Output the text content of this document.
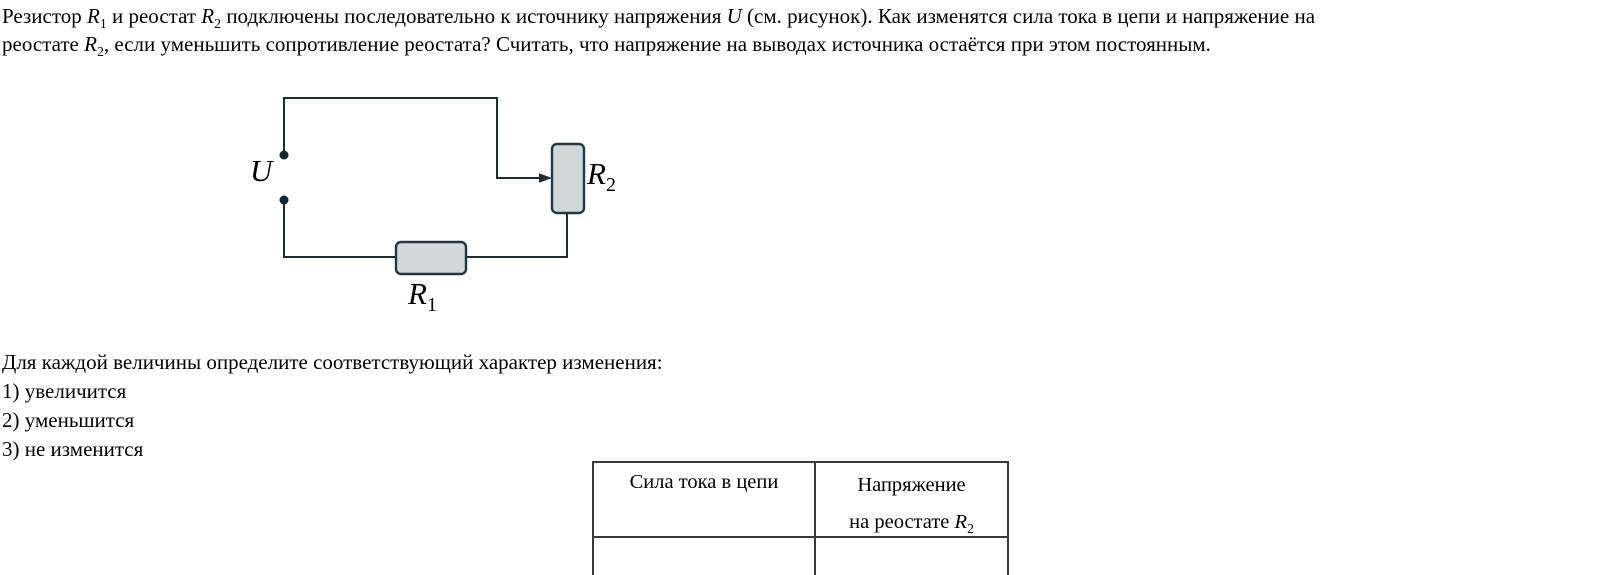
Резистор $R_1$ и реостат $R_2$ подключены последовательно к источнику напряжения U (см. рисунок). Как изменятся сила тока в цепи и напряжение на
реостате $R_2$, если уменьшить сопротивление реостата? Считать, что напряжение на выводах источника остаётся при этом постоянным.
U
$R_1$
$R_2$
Для каждой величины определите соответствующий характер изменения:
1) увеличится
2) уменьшится
3) не изменится
Сила тока в цепи	Напряжение
на реостате $R_2$
